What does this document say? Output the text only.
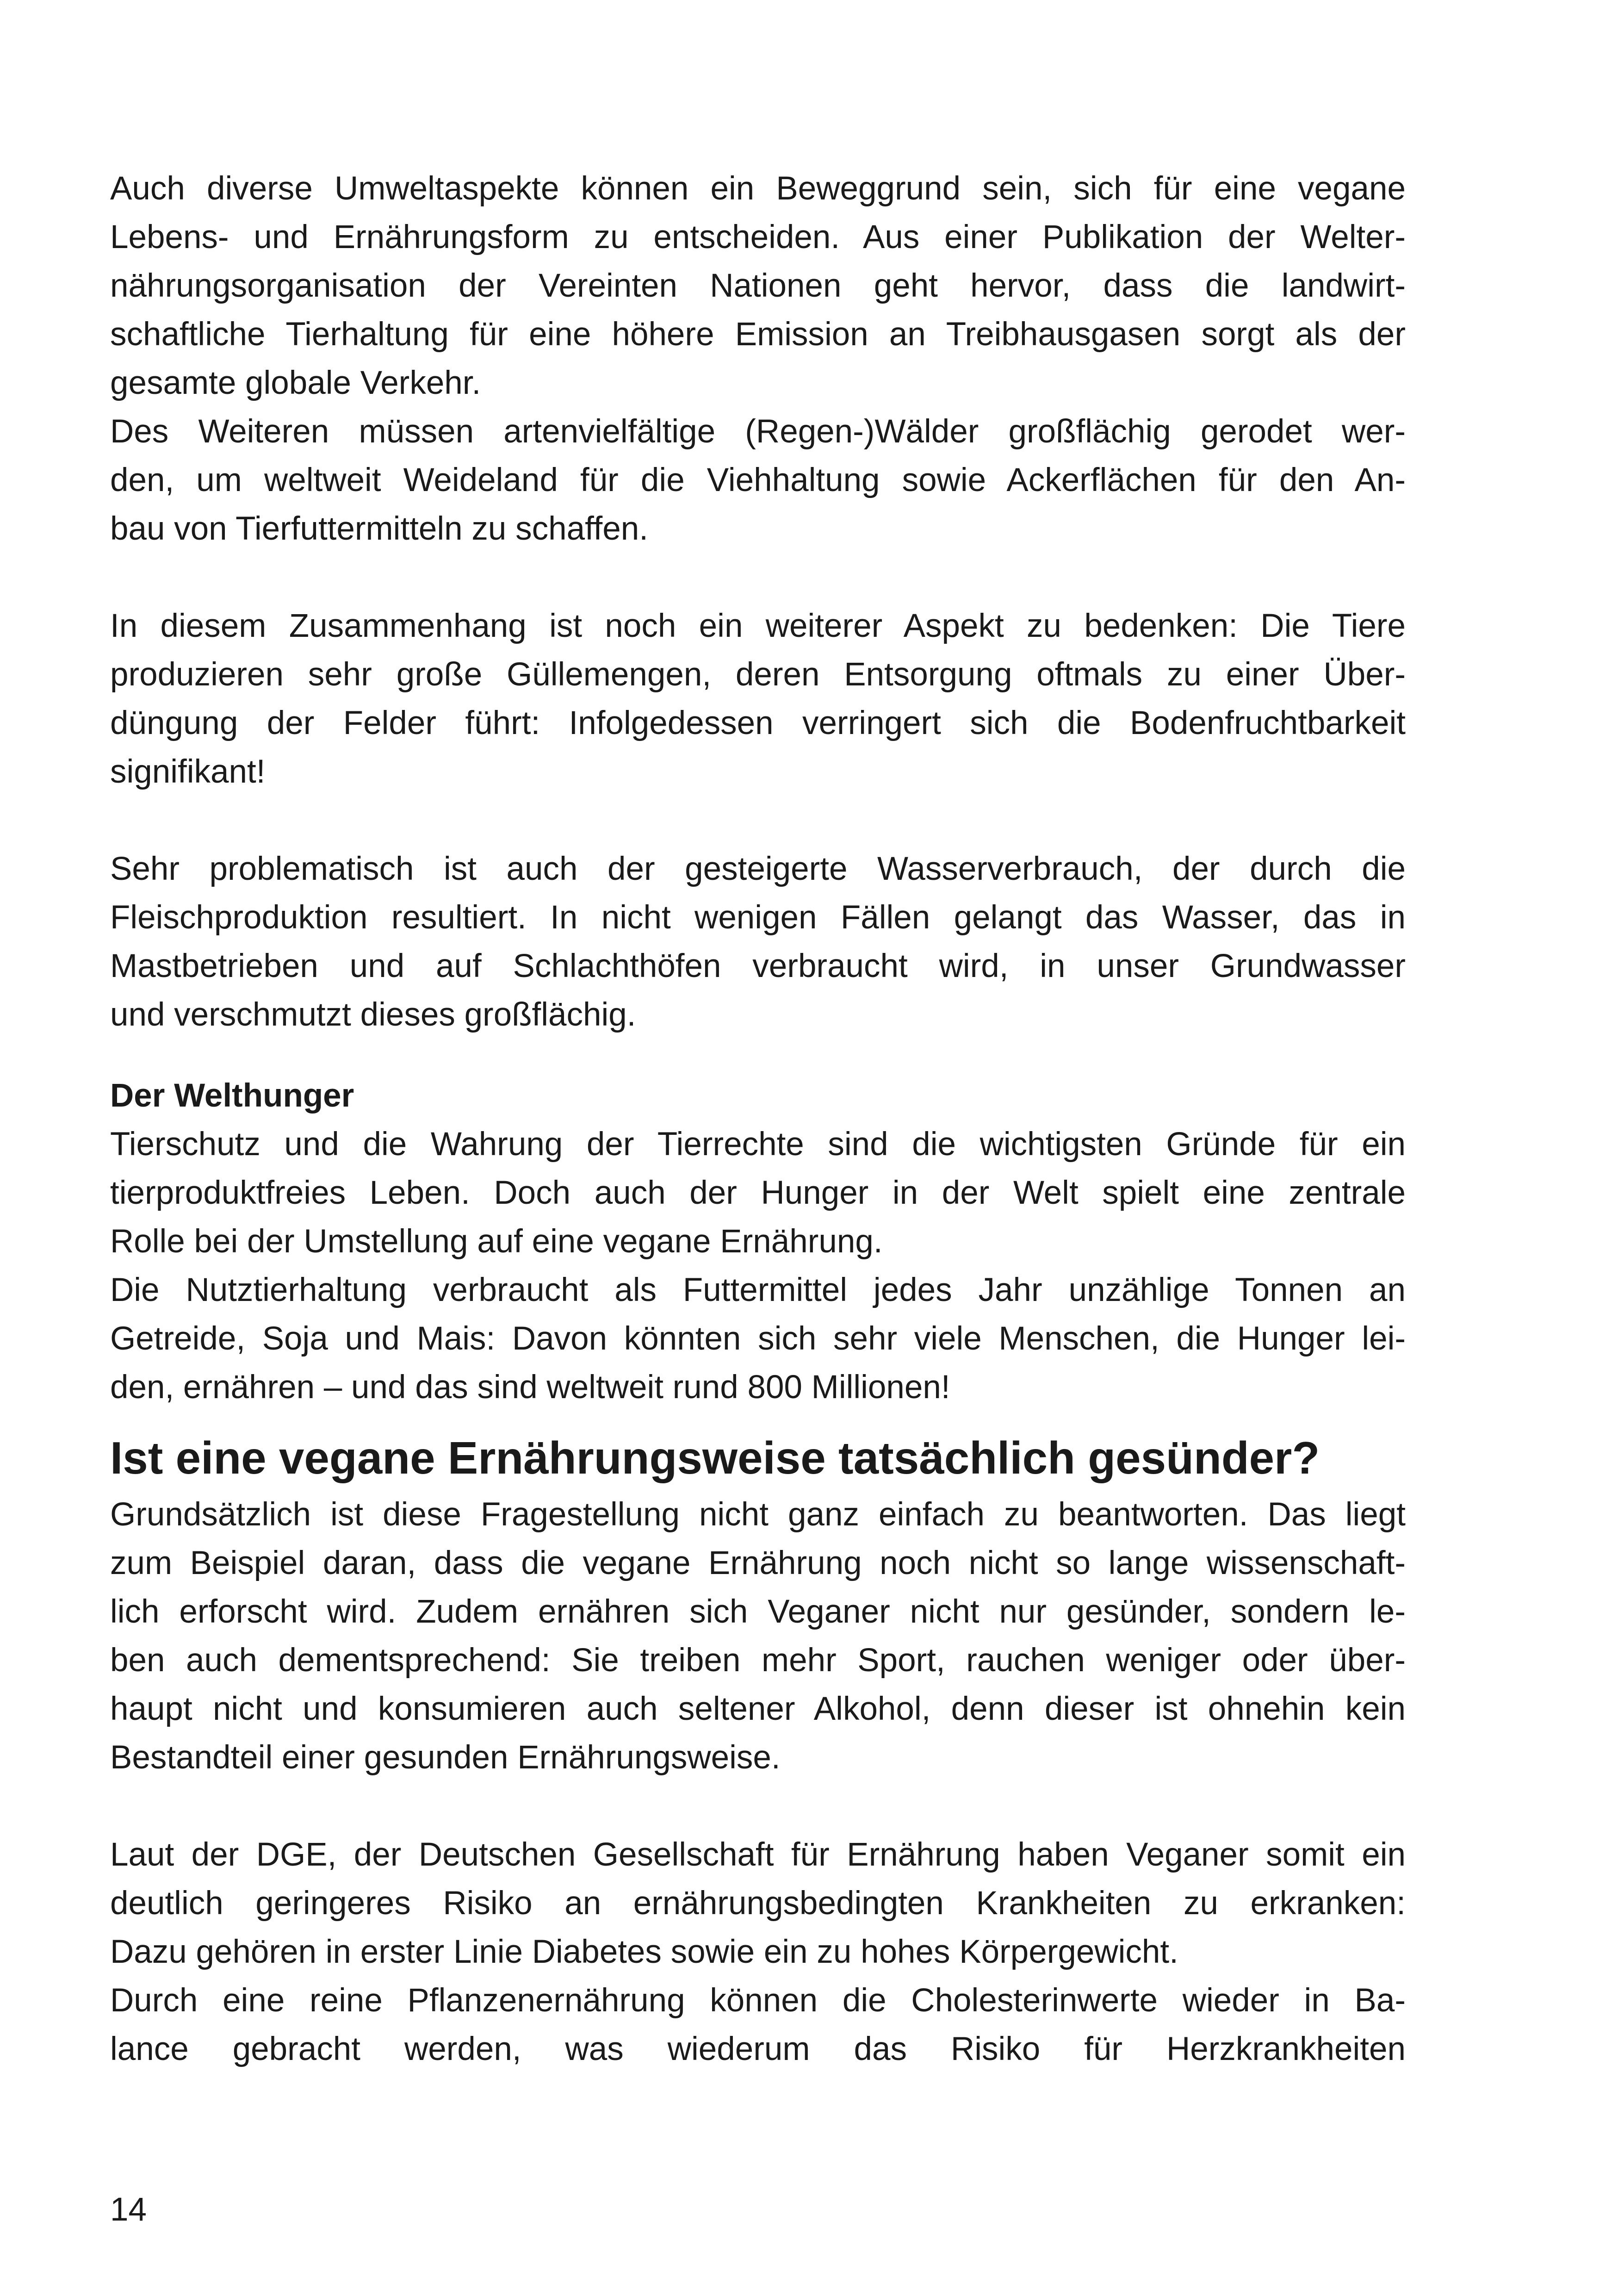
Auch diverse Umweltaspekte können ein Beweggrund sein, sich für eine vegane
Lebens- und Ernährungsform zu entscheiden. Aus einer Publikation der Welter-
nährungsorganisation der Vereinten Nationen geht hervor, dass die landwirt-
schaftliche Tierhaltung für eine höhere Emission an Treibhausgasen sorgt als der
gesamte globale Verkehr.
Des Weiteren müssen artenvielfältige (Regen-)Wälder großflächig gerodet wer-
den, um weltweit Weideland für die Viehhaltung sowie Ackerflächen für den An-
bau von Tierfuttermitteln zu schaffen.
In diesem Zusammenhang ist noch ein weiterer Aspekt zu bedenken: Die Tiere
produzieren sehr große Güllemengen, deren Entsorgung oftmals zu einer Über-
düngung der Felder führt: Infolgedessen verringert sich die Bodenfruchtbarkeit
signifikant!
Sehr problematisch ist auch der gesteigerte Wasserverbrauch, der durch die
Fleischproduktion resultiert. In nicht wenigen Fällen gelangt das Wasser, das in
Mastbetrieben und auf Schlachthöfen verbraucht wird, in unser Grundwasser
und verschmutzt dieses großflächig.
Der Welthunger
Tierschutz und die Wahrung der Tierrechte sind die wichtigsten Gründe für ein
tierproduktfreies Leben. Doch auch der Hunger in der Welt spielt eine zentrale
Rolle bei der Umstellung auf eine vegane Ernährung.
Die Nutztierhaltung verbraucht als Futtermittel jedes Jahr unzählige Tonnen an
Getreide, Soja und Mais: Davon könnten sich sehr viele Menschen, die Hunger lei-
den, ernähren – und das sind weltweit rund 800 Millionen!
Ist eine vegane Ernährungsweise tatsächlich gesünder?
Grundsätzlich ist diese Fragestellung nicht ganz einfach zu beantworten. Das liegt
zum Beispiel daran, dass die vegane Ernährung noch nicht so lange wissenschaft-
lich erforscht wird. Zudem ernähren sich Veganer nicht nur gesünder, sondern le-
ben auch dementsprechend: Sie treiben mehr Sport, rauchen weniger oder über-
haupt nicht und konsumieren auch seltener Alkohol, denn dieser ist ohnehin kein
Bestandteil einer gesunden Ernährungsweise.
Laut der DGE, der Deutschen Gesellschaft für Ernährung haben Veganer somit ein
deutlich geringeres Risiko an ernährungsbedingten Krankheiten zu erkranken:
Dazu gehören in erster Linie Diabetes sowie ein zu hohes Körpergewicht.
Durch eine reine Pflanzenernährung können die Cholesterinwerte wieder in Ba-
lance gebracht werden, was wiederum das Risiko für Herzkrankheiten
14
